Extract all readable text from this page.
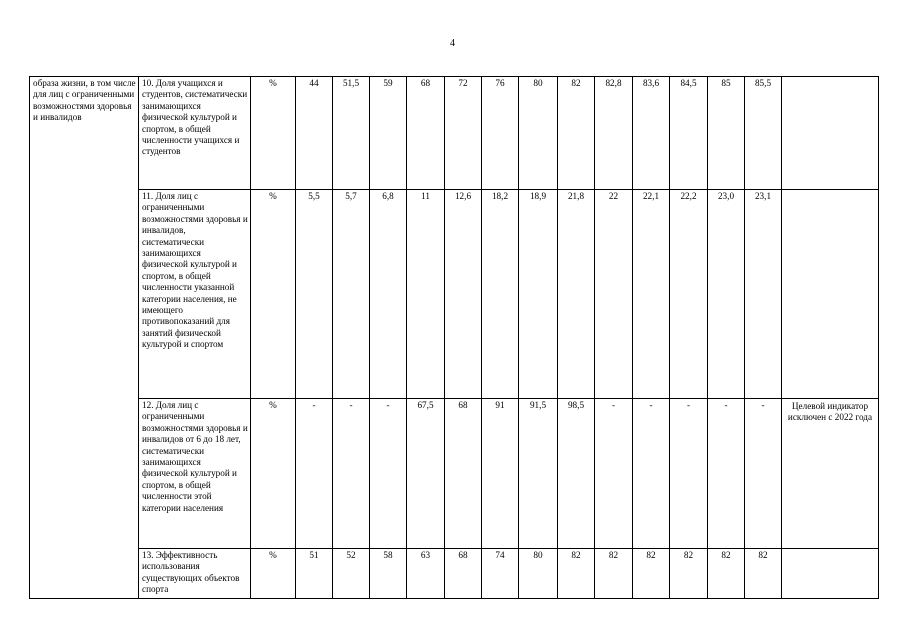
4
образа жизни, в том числе для лиц с ограниченными возможностями здоровья и инвалидов	10. Доля учащихся и студентов, систематически занимающихся физической культурой и спортом, в общей численности учащихся и студентов	%	44	51,5	59	68	72	76	80	82	82,8	83,6	84,5	85	85,5	
	11. Доля лиц с ограниченными возможностями здоровья и инвалидов, систематически занимающихся физической культурой и спортом, в общей численности указанной категории населения, не имеющего противопоказаний для занятий физической культурой и спортом	%	5,5	5,7	6,8	11	12,6	18,2	18,9	21,8	22	22,1	22,2	23,0	23,1	
	12. Доля лиц с ограниченными возможностями здоровья и инвалидов от 6 до 18 лет, систематически занимающихся физической культурой и спортом, в общей численности этой категории населения	%	-	-	-	67,5	68	91	91,5	98,5	-	-	-	-	-	Целевой индикатор исключен с 2022 года
	13. Эффективность использования существующих объектов спорта	%	51	52	58	63	68	74	80	82	82	82	82	82	82	
